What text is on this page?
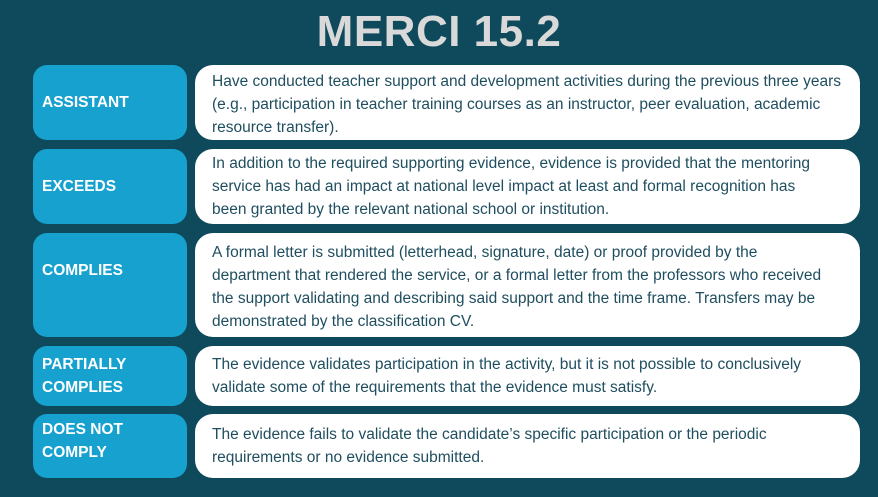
MERCI 15.2
ASSISTANT
Have conducted teacher support and development activities during the previous three years (e.g., participation in teacher training courses as an instructor, peer evaluation, academic resource transfer).
EXCEEDS
In addition to the required supporting evidence, evidence is provided that the mentoring service has had an impact at national level impact at least and formal recognition has been granted by the relevant national school or institution.
COMPLIES
A formal letter is submitted (letterhead, signature, date) or proof provided by the department that rendered the service, or a formal letter from the professors who received the support validating and describing said support and the time frame. Transfers may be demonstrated by the classification CV.
PARTIALLY COMPLIES
The evidence validates participation in the activity, but it is not possible to conclusively validate some of the requirements that the evidence must satisfy.
DOES NOT COMPLY
The evidence fails to validate the candidate’s specific participation or the periodic requirements or no evidence submitted.
